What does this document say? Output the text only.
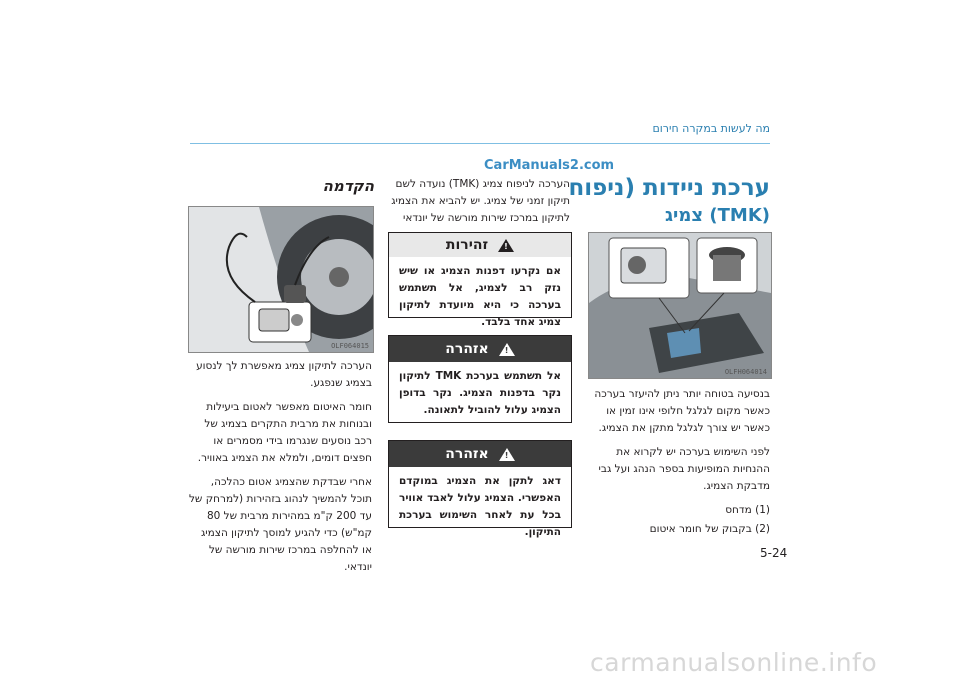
מה לעשות במקרה חירום
CarManuals2.com
ערכת ניידות (ניפוח
(TMK) צמיג
OLFH064014

בנסיעה בטוחה יותר ניתן להיעזר בערכה כאשר מקום לגלגל חלופי אינו זמין או כאשר יש צורך לגלגל מתקן את הצמיג.

לפני השימוש בערכה יש לקרוא את ההנחיות המופיעות בספר הנהג ועל גבי מדבקת הצמיג.

(1) מדחס

(2) בקבוק של חומר איטום

הערכה לניפוח צמיג (TMK) נועדה לשם תיקון זמני של צמיג. יש להביא את הצמיג לתיקון במרכז שירות מורשה של יונדאי
זהירות !
אם נקרעו דפנות הצמיג או שיש נזק רב לצמיג, אל תשתמש בערכה כי היא מיועדת לתיקון צמיג אחד בלבד.
אזהרה !
אל תשתמש בערכת TMK לתיקון נקר בדפנות הצמיג. נקר בדופן הצמיג עלול להוביל לתאונה.
אזהרה !
דאג לתקן את הצמיג במוקדם האפשרי. הצמיג עלול לאבד אוויר בכל עת לאחר השימוש בערכת התיקון.
הקדמה
OLF064015

הערכה לתיקון צמיג מאפשרת לך לנסוע בצמיג שנפגע.

חומר האיטום מאפשר לאטום ביעילות ובנוחות את מרבית התקרים בצמיג של רכב נוסעים שנגרמו בידי מסמרים או חפצים דומים, ולמלא את הצמיג באוויר.

אחרי שבדקת שהצמיג אטום כהלכה, תוכל להמשיך לנהוג בזהירות (למרחק של עד 200 ק"מ במהירות מרבית של 80 קמ"ש) כדי להגיע למוסך לתיקון הצמיג או להחלפה במרכז שירות מורשה של יונדאי.

5-24
carmanualsonline.info
